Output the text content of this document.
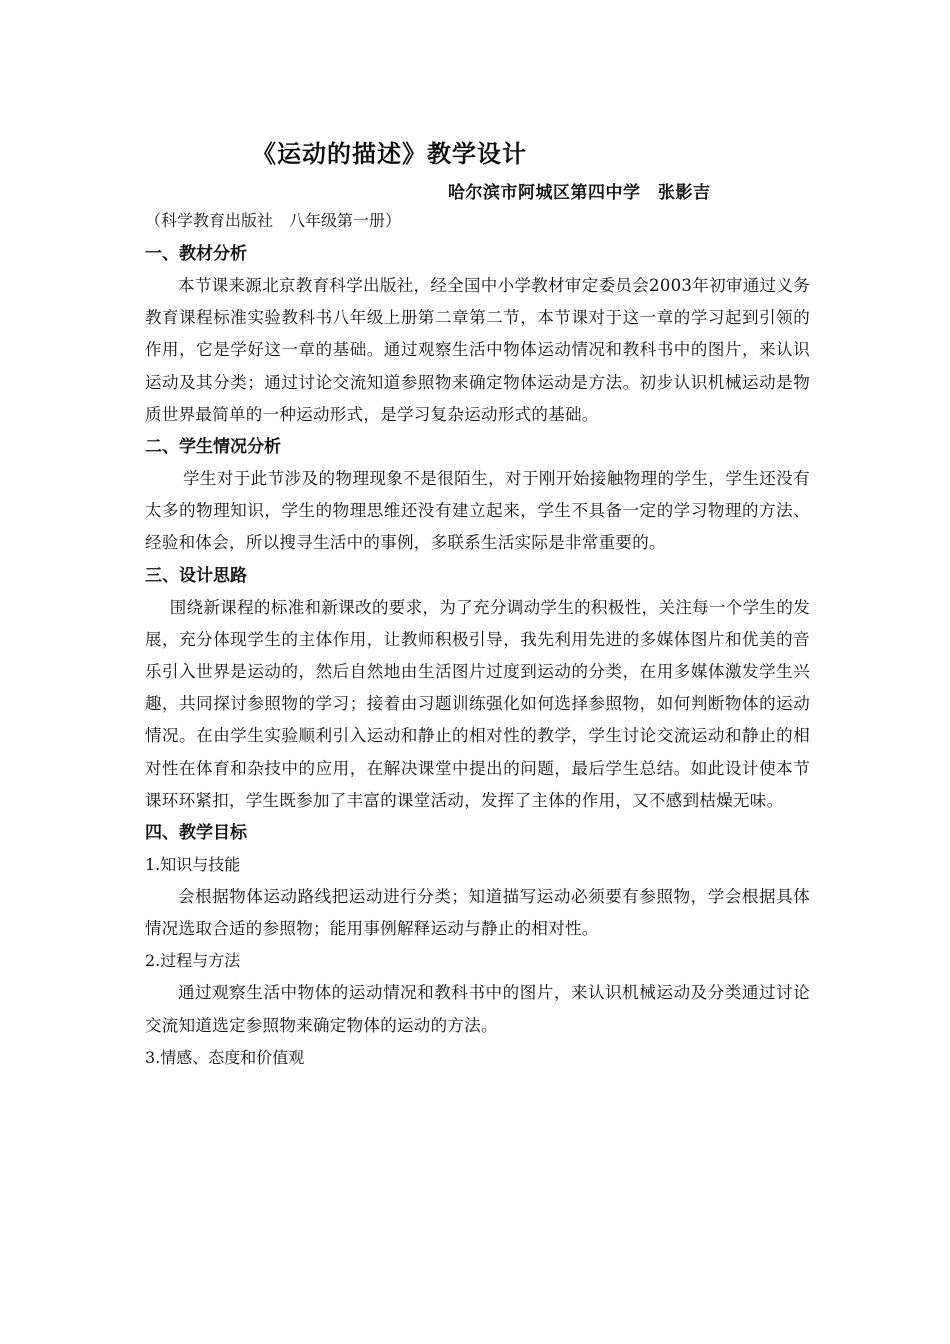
《运动的描述》教学设计
哈尔滨市阿城区第四中学　张影吉
（科学教育出版社　八年级第一册）
一、教材分析

本节课来源北京教育科学出版社，经全国中小学教材审定委员会2003年初审通过义务教育课程标准实验教科书八年级上册第二章第二节，本节课对于这一章的学习起到引领的作用，它是学好这一章的基础。通过观察生活中物体运动情况和教科书中的图片，来认识运动及其分类；通过讨论交流知道参照物来确定物体运动是方法。初步认识机械运动是物质世界最简单的一种运动形式，是学习复杂运动形式的基础。

二、学生情况分析

学生对于此节涉及的物理现象不是很陌生，对于刚开始接触物理的学生，学生还没有太多的物理知识，学生的物理思维还没有建立起来，学生不具备一定的学习物理的方法、经验和体会，所以搜寻生活中的事例，多联系生活实际是非常重要的。

三、设计思路

围绕新课程的标准和新课改的要求，为了充分调动学生的积极性，关注每一个学生的发展，充分体现学生的主体作用，让教师积极引导，我先利用先进的多媒体图片和优美的音乐引入世界是运动的，然后自然地由生活图片过度到运动的分类，在用多媒体激发学生兴趣，共同探讨参照物的学习；接着由习题训练强化如何选择参照物，如何判断物体的运动情况。在由学生实验顺利引入运动和静止的相对性的教学，学生讨论交流运动和静止的相对性在体育和杂技中的应用，在解决课堂中提出的问题，最后学生总结。如此设计使本节课环环紧扣，学生既参加了丰富的课堂活动，发挥了主体的作用，又不感到枯燥无味。

四、教学目标
1.知识与技能

会根据物体运动路线把运动进行分类；知道描写运动必须要有参照物，学会根据具体情况选取合适的参照物；能用事例解释运动与静止的相对性。

2.过程与方法

通过观察生活中物体的运动情况和教科书中的图片，来认识机械运动及分类通过讨论交流知道选定参照物来确定物体的运动的方法。

3.情感、态度和价值观
